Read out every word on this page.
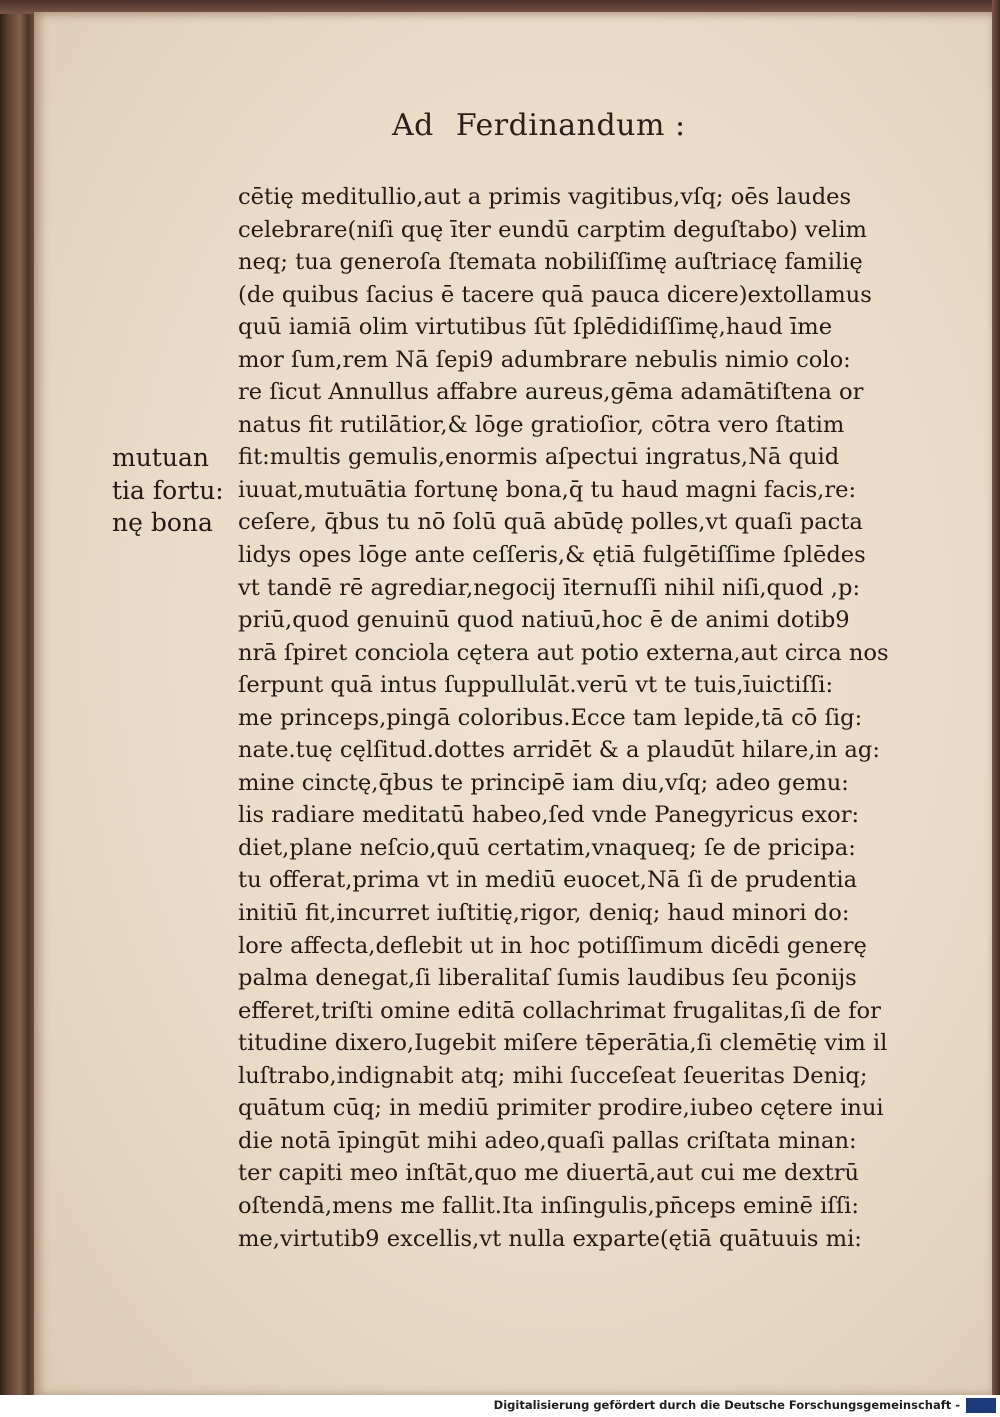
Ad Ferdinandum :
mutuan
tia fortu:
nę bona
cētię meditullio,aut a primis vagitibus,vſq; oēs laudes
celebrare(niſi quę īter eundū carptim deguſtabo) velim
neq; tua generoſa ſtemata nobiliſſimę auſtriacę familię
(de quibus ſacius ē tacere quā pauca dicere)extollamus
quū iamiā olim virtutibus ſūt ſplēdidiſſimę,haud īme
mor ſum,rem Nā ſepi9 adumbrare nebulis nimio colo:
re ſicut Annullus affabre aureus,gēma adamātiſtena or
natus fit rutilātior,& lōge gratioſior, cōtra vero ſtatim
fit:multis gemulis,enormis aſpectui ingratus,Nā quid
iuuat,mutuātia fortunę bona,q̄ tu haud magni facis,re:
ceſere, q̄bus tu nō ſolū quā abūdę polles,vt quaſi pacta
lidys opes lōge ante ceſſeris,& ętiā fulgētiſſime ſplēdes
vt tandē rē agrediar,negocij īternuſſi nihil niſi,quod ,p:
priū,quod genuinū quod natiuū,hoc ē de animi dotib9
nrā ſpiret conciola cętera aut potio externa,aut circa nos
ſerpunt quā intus ſuppullulāt.verū vt te tuis,īuictiſſi:
me princeps,pingā coloribus.Ecce tam lepide,tā cō ſig:
nate.tuę cęlſitud.dottes arridēt & a plaudūt hilare,in ag:
mine cinctę,q̄bus te principē iam diu,vſq; adeo gemu:
lis radiare meditatū habeo,ſed vnde Panegyricus exor:
diet,plane neſcio,quū certatim,vnaqueq; ſe de pricipa:
tu offerat,prima vt in mediū euocet,Nā ſi de prudentia
initiū fit,incurret iuſtitię,rigor, deniq; haud minori do:
lore affecta,deflebit ut in hoc potiſſimum dicēdi generę
palma denegat,ſi liberalitaſ ſumis laudibus ſeu p̄conijs
efferet,triſti omine editā collachrimat frugalitas,ſi de for
titudine dixero,Iugebit miſere tēperātia,ſi clemētię vim il
luſtrabo,indignabit atq; mihi ſucceſeat ſeueritas Deniq;
quātum cūq; in mediū primiter prodire,iubeo cętere inui
die notā īpingūt mihi adeo,quaſi pallas criſtata minan:
ter capiti meo inſtāt,quo me diuertā,aut cui me dextrū
oſtendā,mens me fallit.Ita inſingulis,pn̄ceps eminē iſſi:
me,virtutib9 excellis,vt nulla exparte(ętiā quātuuis mi:
Digitalisierung gefördert durch die Deutsche Forschungsgemeinschaft -
